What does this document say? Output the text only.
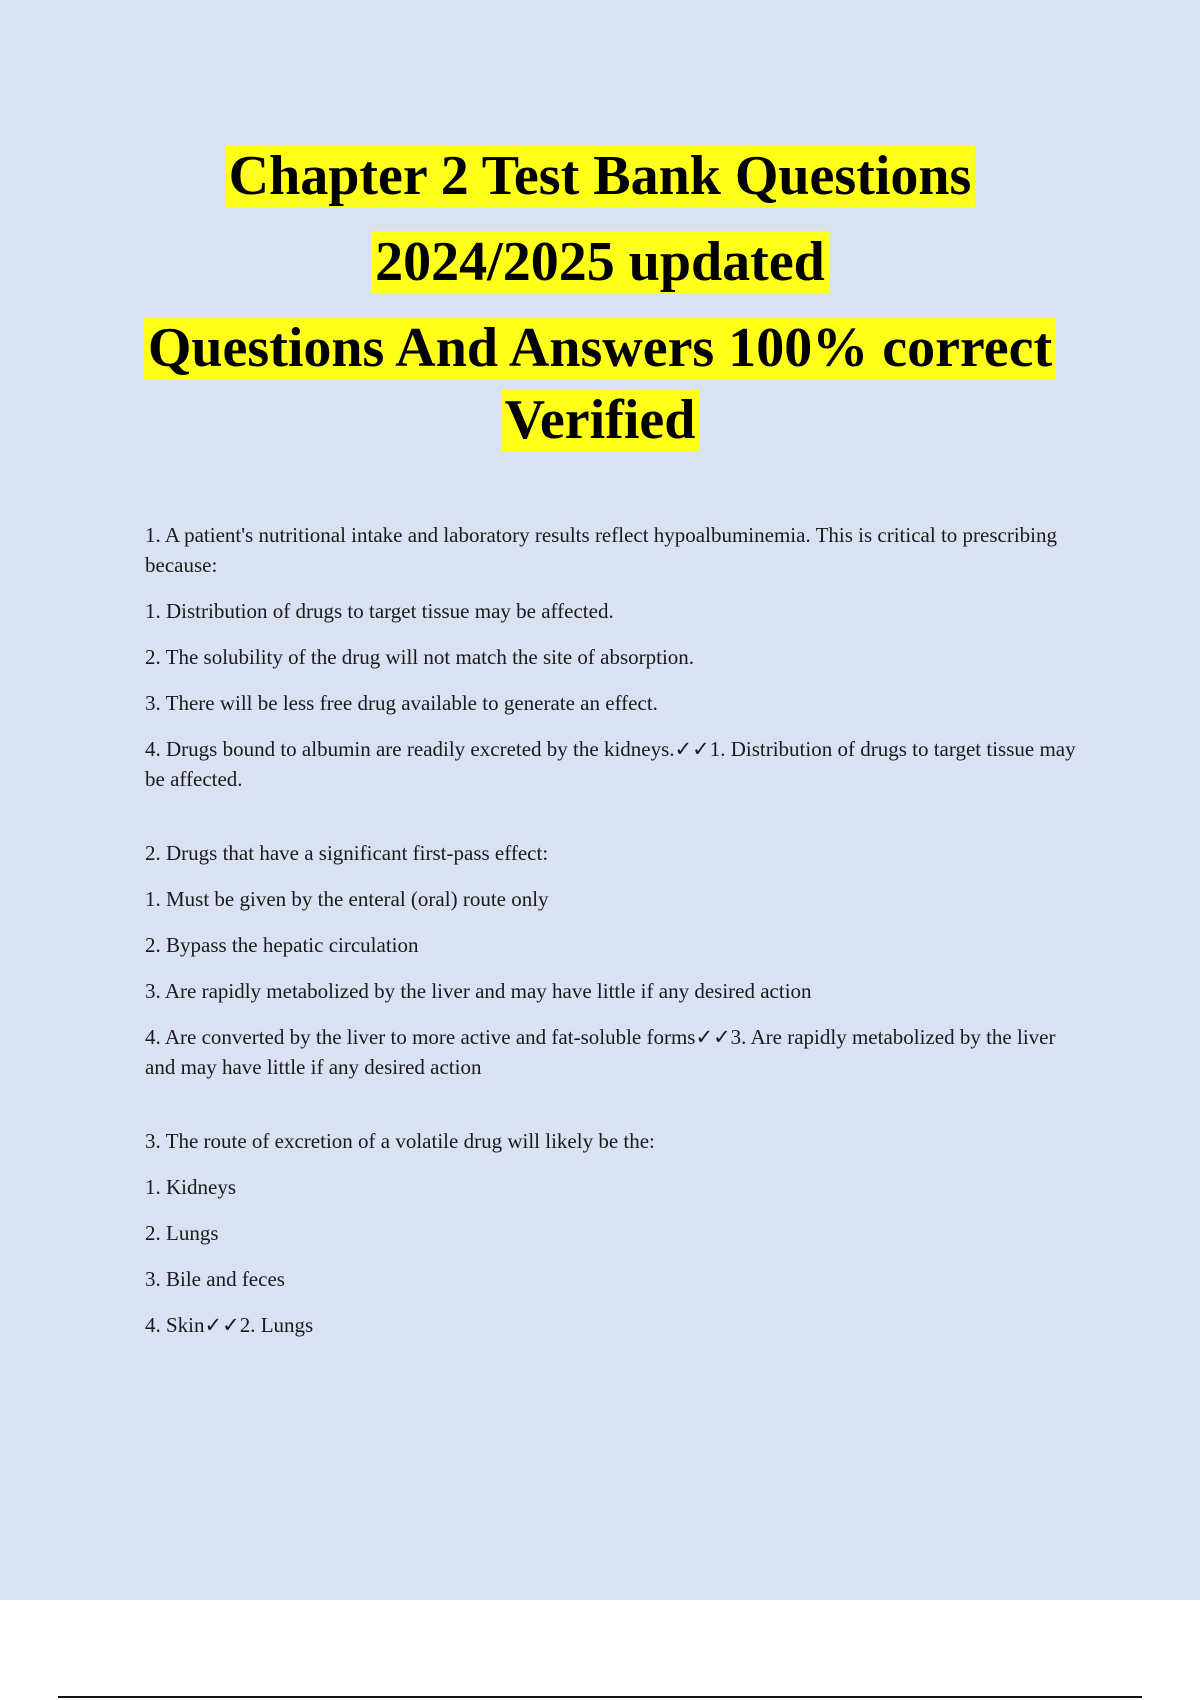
Chapter 2 Test Bank Questions
2024/2025 updated
Questions And Answers 100% correct
Verified

1. A patient's nutritional intake and laboratory results reflect hypoalbuminemia. This is critical to prescribing because:

1. Distribution of drugs to target tissue may be affected.

2. The solubility of the drug will not match the site of absorption.

3. There will be less free drug available to generate an effect.

4. Drugs bound to albumin are readily excreted by the kidneys.✓✓1. Distribution of drugs to target tissue may be affected.

2. Drugs that have a significant first-pass effect:

1. Must be given by the enteral (oral) route only

2. Bypass the hepatic circulation

3. Are rapidly metabolized by the liver and may have little if any desired action

4. Are converted by the liver to more active and fat-soluble forms✓✓3. Are rapidly metabolized by the liver and may have little if any desired action

3. The route of excretion of a volatile drug will likely be the:

1. Kidneys

2. Lungs

3. Bile and feces

4. Skin✓✓2. Lungs
